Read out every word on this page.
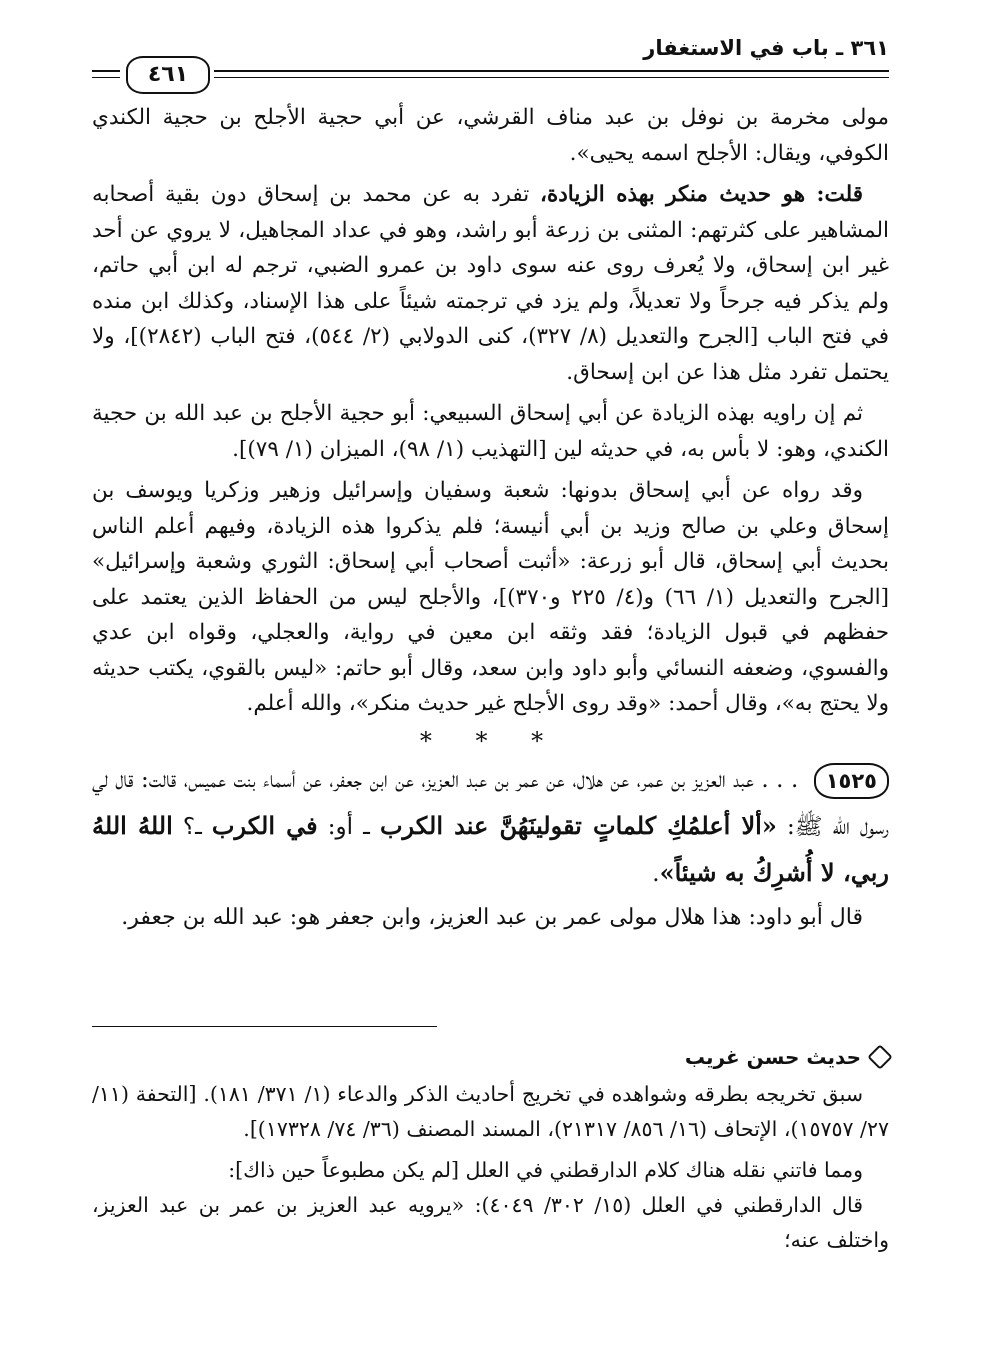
٣٦١ ـ باب في الاستغفار
٤٦١

مولى مخرمة بن نوفل بن عبد مناف القرشي، عن أبي حجية الأجلح بن حجية الكندي الكوفي، ويقال: الأجلح اسمه يحيى».

قلت: هو حديث منكر بهذه الزيادة، تفرد به عن محمد بن إسحاق دون بقية أصحابه المشاهير على كثرتهم: المثنى بن زرعة أبو راشد، وهو في عداد المجاهيل، لا يروي عن أحد غير ابن إسحاق، ولا يُعرف روى عنه سوى داود بن عمرو الضبي، ترجم له ابن أبي حاتم، ولم يذكر فيه جرحاً ولا تعديلاً، ولم يزد في ترجمته شيئاً على هذا الإسناد، وكذلك ابن منده في فتح الباب [الجرح والتعديل (٨/ ٣٢٧)، كنى الدولابي (٢/ ٥٤٤)، فتح الباب (٢٨٤٢)]، ولا يحتمل تفرد مثل هذا عن ابن إسحاق.

ثم إن راويه بهذه الزيادة عن أبي إسحاق السبيعي: أبو حجية الأجلح بن عبد الله بن حجية الكندي، وهو: لا بأس به، في حديثه لين [التهذيب (١/ ٩٨)، الميزان (١/ ٧٩)].

وقد رواه عن أبي إسحاق بدونها: شعبة وسفيان وإسرائيل وزهير وزكريا ويوسف بن إسحاق وعلي بن صالح وزيد بن أبي أنيسة؛ فلم يذكروا هذه الزيادة، وفيهم أعلم الناس بحديث أبي إسحاق، قال أبو زرعة: «أثبت أصحاب أبي إسحاق: الثوري وشعبة وإسرائيل» [الجرح والتعديل (١/ ٦٦) و(٤/ ٢٢٥ و٣٧٠)]، والأجلح ليس من الحفاظ الذين يعتمد على حفظهم في قبول الزيادة؛ فقد وثقه ابن معين في رواية، والعجلي، وقواه ابن عدي والفسوي، وضعفه النسائي وأبو داود وابن سعد، وقال أبو حاتم: «ليس بالقوي، يكتب حديثه ولا يحتج به»، وقال أحمد: «وقد روى الأجلح غير حديث منكر»، والله أعلم.

* * *

١٥٢٥ . . . عبد العزيز بن عمر، عن هلال، عن عمر بن عبد العزيز، عن ابن جعفر، عن أسماء بنت عميس، قالت: قال لي رسول الله ﷺ: «ألا أعلمُكِ كلماتٍ تقولينَهُنَّ عند الكرب ـ أو: في الكرب ـ؟ اللهُ اللهُ ربي، لا أُشرِكُ به شيئاً».

قال أبو داود: هذا هلال مولى عمر بن عبد العزيز، وابن جعفر هو: عبد الله بن جعفر.

حديث حسن غريب

سبق تخريجه بطرقه وشواهده في تخريج أحاديث الذكر والدعاء (١/ ٣٧١/ ١٨١). [التحفة (١١/ ٢٧/ ١٥٧٥٧)، الإتحاف (١٦/ ٨٥٦/ ٢١٣١٧)، المسند المصنف (٣٦/ ٧٤/ ١٧٣٢٨)].

ومما فاتني نقله هناك كلام الدارقطني في العلل [لم يكن مطبوعاً حين ذاك]:

قال الدارقطني في العلل (١٥/ ٣٠٢/ ٤٠٤٩): «يرويه عبد العزيز بن عمر بن عبد العزيز، واختلف عنه؛
